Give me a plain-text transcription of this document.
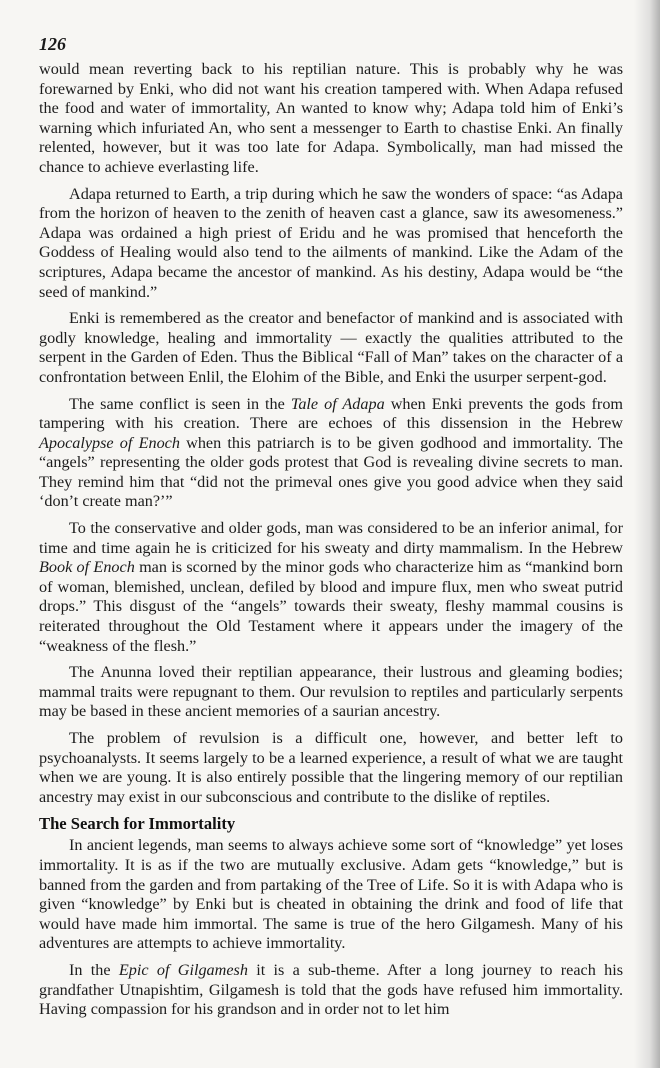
126

would mean reverting back to his reptilian nature. This is probably why he was forewarned by Enki, who did not want his creation tampered with. When Adapa refused the food and water of immortality, An wanted to know why; Adapa told him of Enki’s warning which infuriated An, who sent a messenger to Earth to chastise Enki. An finally relented, however, but it was too late for Adapa. Symbolically, man had missed the chance to achieve everlasting life.

Adapa returned to Earth, a trip during which he saw the wonders of space: “as Adapa from the horizon of heaven to the zenith of heaven cast a glance, saw its awesomeness.” Adapa was ordained a high priest of Eridu and he was promised that henceforth the Goddess of Healing would also tend to the ailments of mankind. Like the Adam of the scriptures, Adapa became the ancestor of mankind. As his destiny, Adapa would be “the seed of mankind.”

Enki is remembered as the creator and benefactor of mankind and is associated with godly knowledge, healing and immortality — exactly the qualities attributed to the serpent in the Garden of Eden. Thus the Biblical “Fall of Man” takes on the character of a confrontation between Enlil, the Elohim of the Bible, and Enki the usurper serpent-god.

The same conflict is seen in the Tale of Adapa when Enki prevents the gods from tampering with his creation. There are echoes of this dissension in the Hebrew Apocalypse of Enoch when this patriarch is to be given godhood and immortality. The “angels” representing the older gods protest that God is revealing divine secrets to man. They remind him that “did not the primeval ones give you good advice when they said ‘don’t create man?’”

To the conservative and older gods, man was considered to be an inferior animal, for time and time again he is criticized for his sweaty and dirty mammalism. In the Hebrew Book of Enoch man is scorned by the minor gods who characterize him as “mankind born of woman, blemished, unclean, defiled by blood and impure flux, men who sweat putrid drops.” This disgust of the “angels” towards their sweaty, fleshy mammal cousins is reiterated throughout the Old Testament where it appears under the imagery of the “weakness of the flesh.”

The Anunna loved their reptilian appearance, their lustrous and gleaming bodies; mammal traits were repugnant to them. Our revulsion to reptiles and particularly serpents may be based in these ancient memories of a saurian ancestry.

The problem of revulsion is a difficult one, however, and better left to psychoanalysts. It seems largely to be a learned experience, a result of what we are taught when we are young. It is also entirely possible that the lingering memory of our reptilian ancestry may exist in our subconscious and contribute to the dislike of reptiles.

The Search for Immortality

In ancient legends, man seems to always achieve some sort of “knowledge” yet loses immortality. It is as if the two are mutually exclusive. Adam gets “knowledge,” but is banned from the garden and from partaking of the Tree of Life. So it is with Adapa who is given “knowledge” by Enki but is cheated in obtaining the drink and food of life that would have made him immortal. The same is true of the hero Gilgamesh. Many of his adventures are attempts to achieve immortality.

In the Epic of Gilgamesh it is a sub-theme. After a long journey to reach his grandfather Utnapishtim, Gilgamesh is told that the gods have refused him immortality. Having compassion for his grandson and in order not to let him
